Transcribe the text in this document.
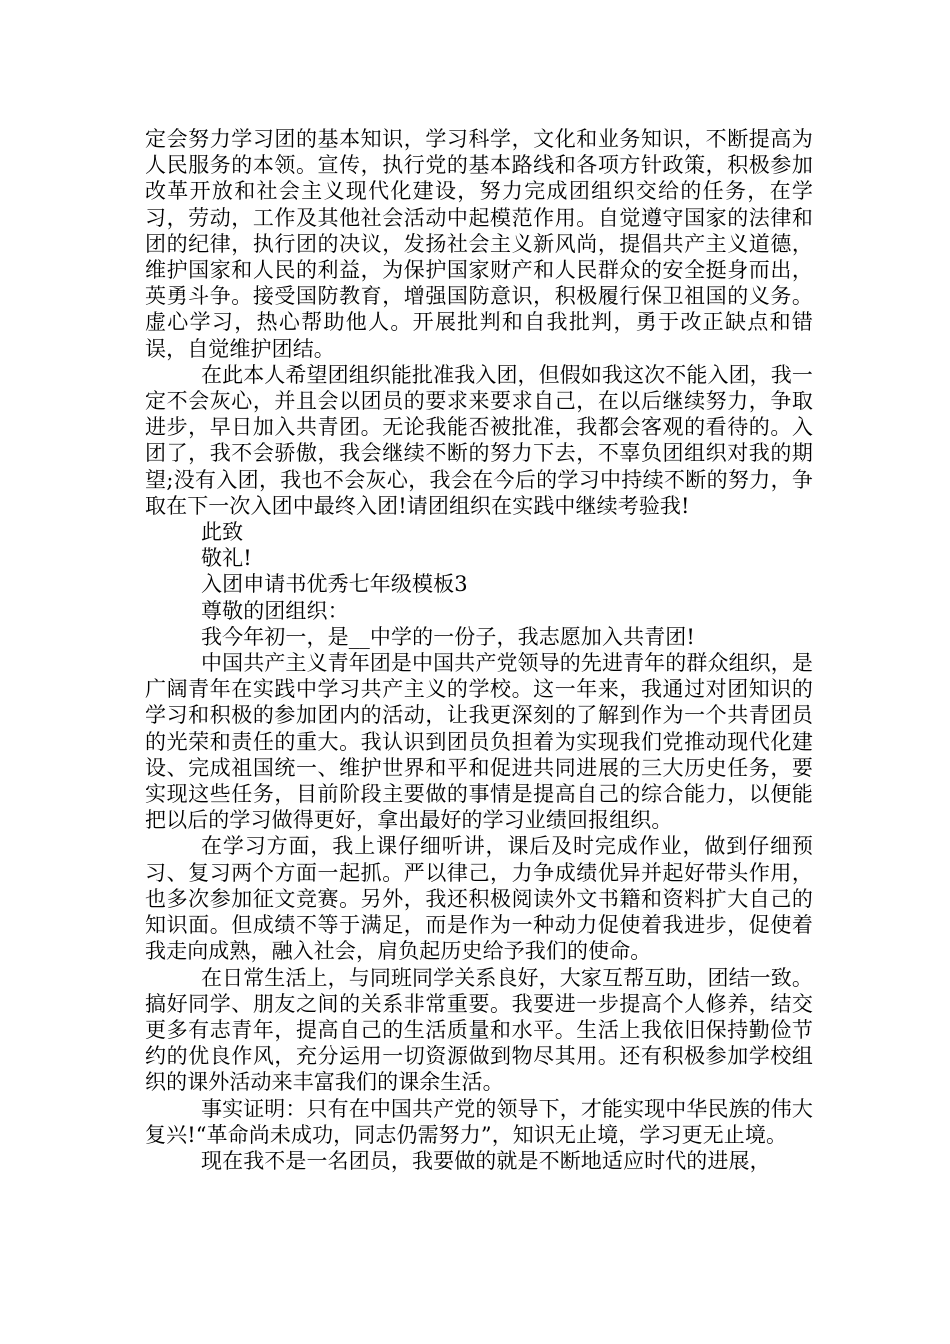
定会努力学习团的基本知识，学习科学，文化和业务知识，不断提高为人民服务的本领。宣传，执行党的基本路线和各项方针政策，积极参加改革开放和社会主义现代化建设，努力完成团组织交给的任务，在学习，劳动，工作及其他社会活动中起模范作用。自觉遵守国家的法律和团的纪律，执行团的决议，发扬社会主义新风尚，提倡共产主义道德，维护国家和人民的利益，为保护国家财产和人民群众的安全挺身而出，英勇斗争。接受国防教育，增强国防意识，积极履行保卫祖国的义务。虚心学习，热心帮助他人。开展批判和自我批判，勇于改正缺点和错误，自觉维护团结。

在此本人希望团组织能批准我入团，但假如我这次不能入团，我一定不会灰心，并且会以团员的要求来要求自己，在以后继续努力，争取进步，早日加入共青团。无论我能否被批准，我都会客观的看待的。入团了，我不会骄傲，我会继续不断的努力下去，不辜负团组织对我的期望;没有入团，我也不会灰心，我会在今后的学习中持续不断的努力，争取在下一次入团中最终入团!请团组织在实践中继续考验我!

此致

敬礼!

入团申请书优秀七年级模板3

尊敬的团组织：

我今年初一，是__中学的一份子，我志愿加入共青团!

中国共产主义青年团是中国共产党领导的先进青年的群众组织，是广阔青年在实践中学习共产主义的学校。这一年来，我通过对团知识的学习和积极的参加团内的活动，让我更深刻的了解到作为一个共青团员的光荣和责任的重大。我认识到团员负担着为实现我们党推动现代化建设、完成祖国统一、维护世界和平和促进共同进展的三大历史任务，要实现这些任务，目前阶段主要做的事情是提高自己的综合能力，以便能把以后的学习做得更好，拿出最好的学习业绩回报组织。

在学习方面，我上课仔细听讲，课后及时完成作业，做到仔细预习、复习两个方面一起抓。严以律己，力争成绩优异并起好带头作用，也多次参加征文竞赛。另外，我还积极阅读外文书籍和资料扩大自己的知识面。但成绩不等于满足，而是作为一种动力促使着我进步，促使着我走向成熟，融入社会，肩负起历史给予我们的使命。

在日常生活上，与同班同学关系良好，大家互帮互助，团结一致。搞好同学、朋友之间的关系非常重要。我要进一步提高个人修养，结交更多有志青年，提高自己的生活质量和水平。生活上我依旧保持勤俭节约的优良作风，充分运用一切资源做到物尽其用。还有积极参加学校组织的课外活动来丰富我们的课余生活。

事实证明：只有在中国共产党的领导下，才能实现中华民族的伟大复兴!“革命尚未成功，同志仍需努力”，知识无止境，学习更无止境。

现在我不是一名团员，我要做的就是不断地适应时代的进展，
